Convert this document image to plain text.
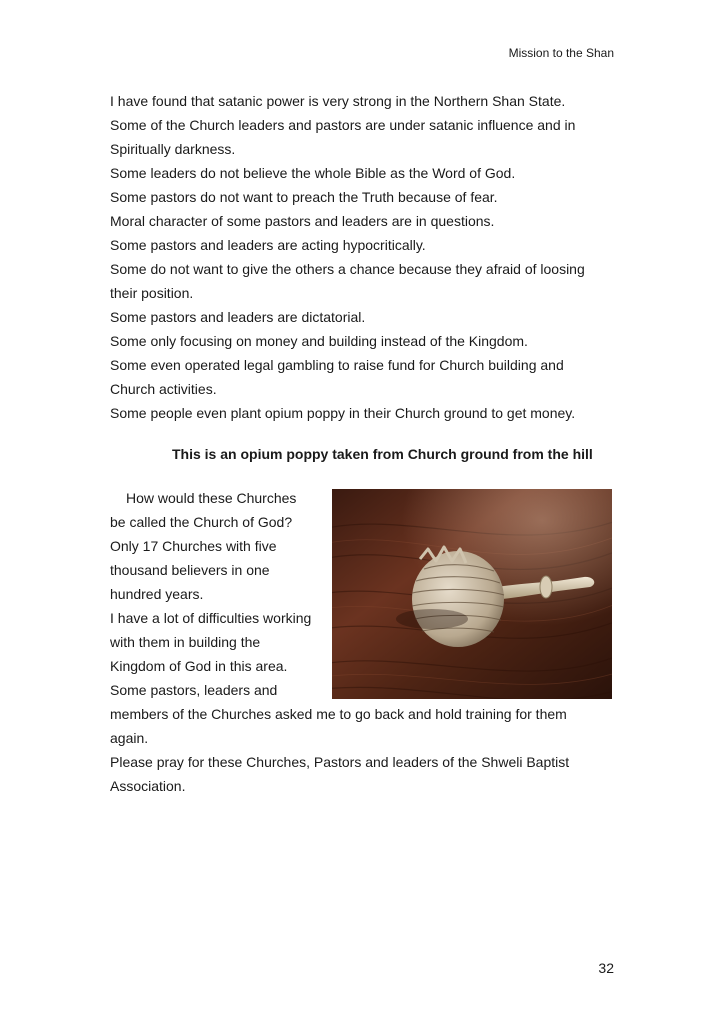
Mission to the Shan
I have found that satanic power is very strong in the Northern Shan State.
Some of the Church leaders and pastors are under satanic influence and in
Spiritually darkness.
Some leaders do not believe the whole Bible as the Word of God.
Some pastors do not want to preach the Truth because of fear.
Moral character of some pastors and leaders are in questions.
Some pastors and leaders are acting hypocritically.
Some do not want to give the others a chance because they afraid of loosing
their position.
Some pastors and leaders are dictatorial.
Some only focusing on money and building instead of the Kingdom.
Some even operated legal gambling to raise fund for Church building and
Church activities.
Some people even plant opium poppy in their Church ground to get money.
This is an opium poppy taken from Church ground from the hill
How would these Churches
be called the Church of God?
Only 17 Churches with five
thousand believers in one
hundred years.
I have a lot of difficulties working
with them in building the
Kingdom of God in this area.
Some pastors, leaders and
members of the Churches asked me to go back and hold training for them
again.
Please pray for these Churches, Pastors and leaders of the Shweli Baptist
Association.
32
